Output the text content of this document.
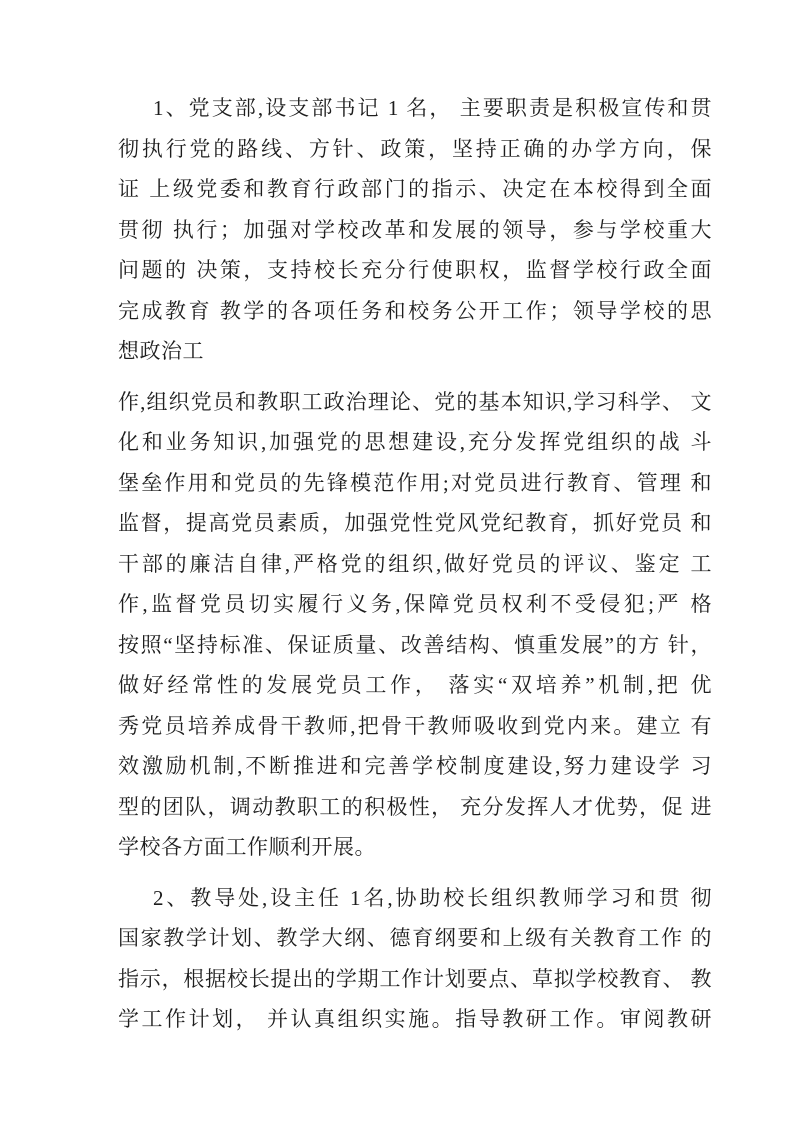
1、党支部,设支部书记 1 名， 主要职责是积极宣传和贯
彻执行党的路线、方针、政策，坚持正确的办学方向，保
证 上级党委和教育行政部门的指示、决定在本校得到全面
贯彻 执行；加强对学校改革和发展的领导，参与学校重大
问题的 决策，支持校长充分行使职权，监督学校行政全面
完成教育 教学的各项任务和校务公开工作；领导学校的思
想政治工
作,组织党员和教职工政治理论、党的基本知识,学习科学、 文
化和业务知识,加强党的思想建设,充分发挥党组织的战 斗
堡垒作用和党员的先锋模范作用;对党员进行教育、管理 和
监督，提高党员素质，加强党性党风党纪教育，抓好党员 和
干部的廉洁自律,严格党的组织,做好党员的评议、鉴定 工
作,监督党员切实履行义务,保障党员权利不受侵犯;严 格
按照“坚持标准、保证质量、改善结构、慎重发展”的方 针，
做好经常性的发展党员工作， 落实“双培养”机制,把 优
秀党员培养成骨干教师,把骨干教师吸收到党内来。建立 有
效激励机制,不断推进和完善学校制度建设,努力建设学 习
型的团队，调动教职工的积极性， 充分发挥人才优势，促 进
学校各方面工作顺利开展。
2、教导处,设主任 1名,协助校长组织教师学习和贯 彻
国家教学计划、教学大纲、德育纲要和上级有关教育工作 的
指示，根据校长提出的学期工作计划要点、草拟学校教育、 教
学工作计划， 并认真组织实施。指导教研工作。审阅教研
